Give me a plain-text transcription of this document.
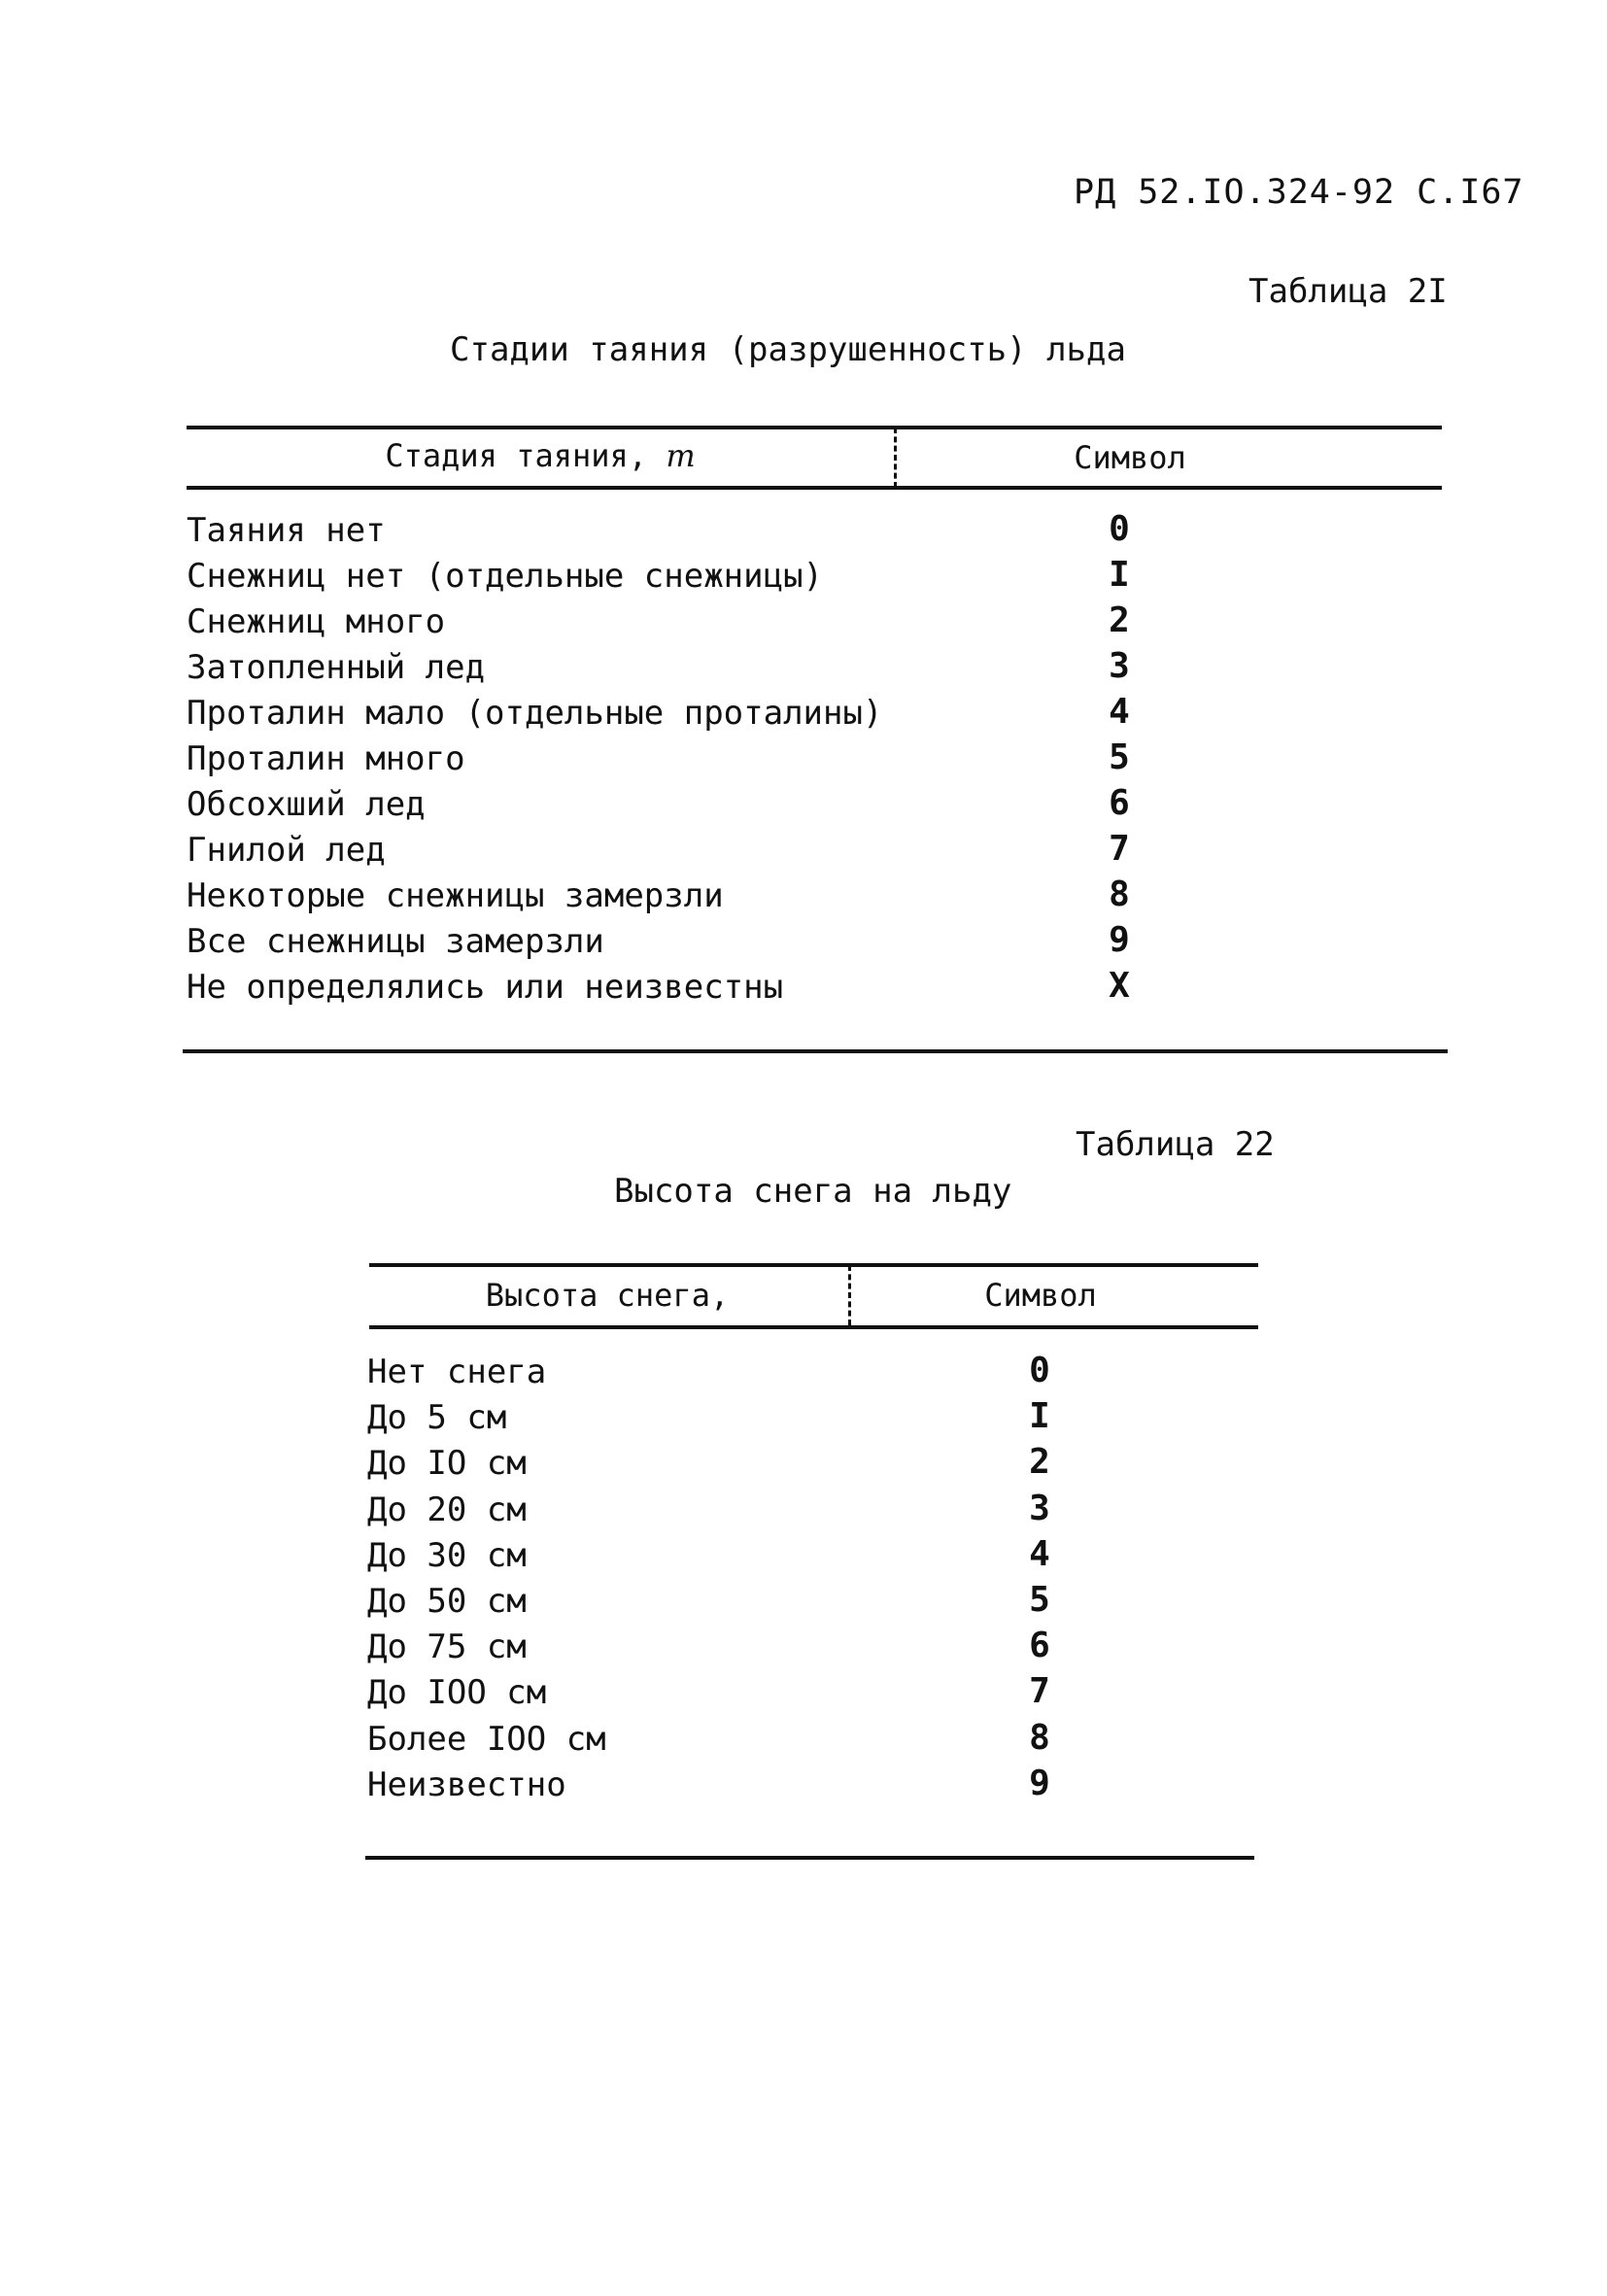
РД 52.IO.324-92 С.I67
Таблица 2I
Стадии таяния (разрушенность) льда
Стадия таяния, m	Символ
Таяния нет	0
Снежниц нет (отдельные снежницы)	I
Снежниц много	2
Затопленный лед	3
Проталин мало (отдельные проталины)	4
Проталин много	5
Обсохший лед	6
Гнилой лед	7
Некоторые снежницы замерзли	8
Все снежницы замерзли	9
Не определялись или неизвестны	X
Таблица 22
Высота снега на льду
Высота снега,	Символ
Нет снега	0
До 5 см	I
До IO см	2
До 20 см	3
До 30 см	4
До 50 см	5
До 75 см	6
До IOO см	7
Более IOO см	8
Неизвестно	9
